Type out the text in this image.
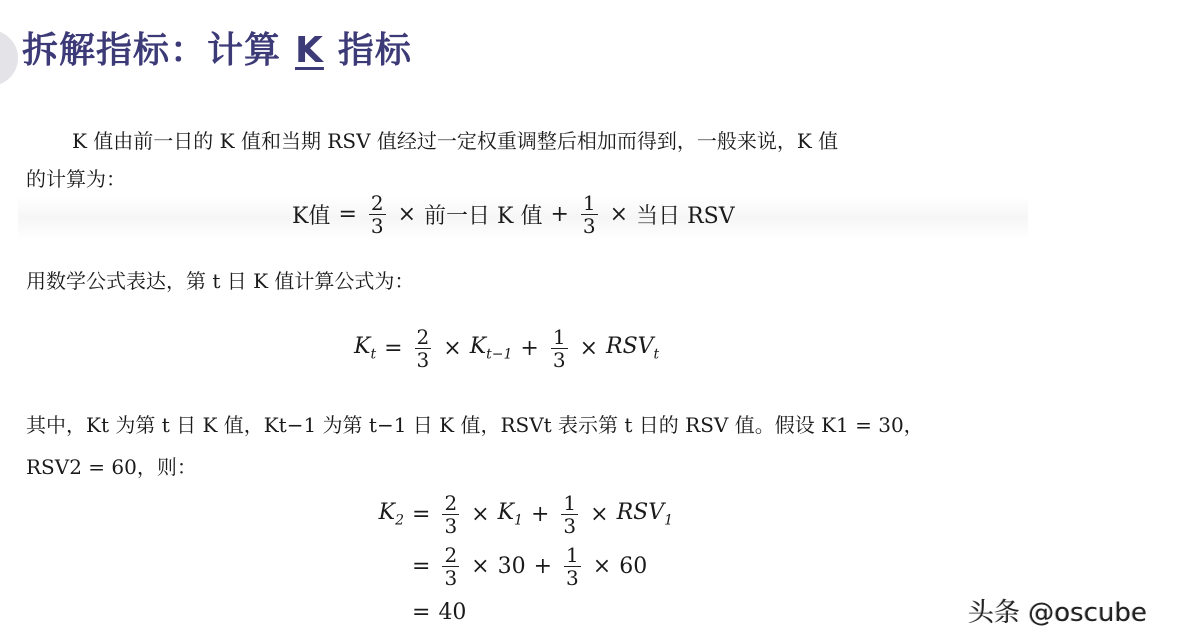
拆解指标：计算 K 指标
K 值由前一日的 K 值和当期 RSV 值经过一定权重调整后相加而得到，一般来说，K 值
的计算为：
K值 = $\frac{2}{3}$ × 前一日 K 值 + $\frac{1}{3}$ × 当日 RSV
用数学公式表达，第 t 日 K 值计算公式为：
$K_t = \frac{2}{3} \times K_{t-1} + \frac{1}{3} \times RSV_t$
其中，Kt 为第 t 日 K 值，Kt−1 为第 t−1 日 K 值，RSVt 表示第 t 日的 RSV 值。假设 K1 = 30，
RSV2 = 60，则：
$K_2 = \frac{2}{3} \times K_1 + \frac{1}{3} \times RSV_1$
= $\frac{2}{3} \times 30 + \frac{1}{3} \times 60$
= 40	头条 @oscube
